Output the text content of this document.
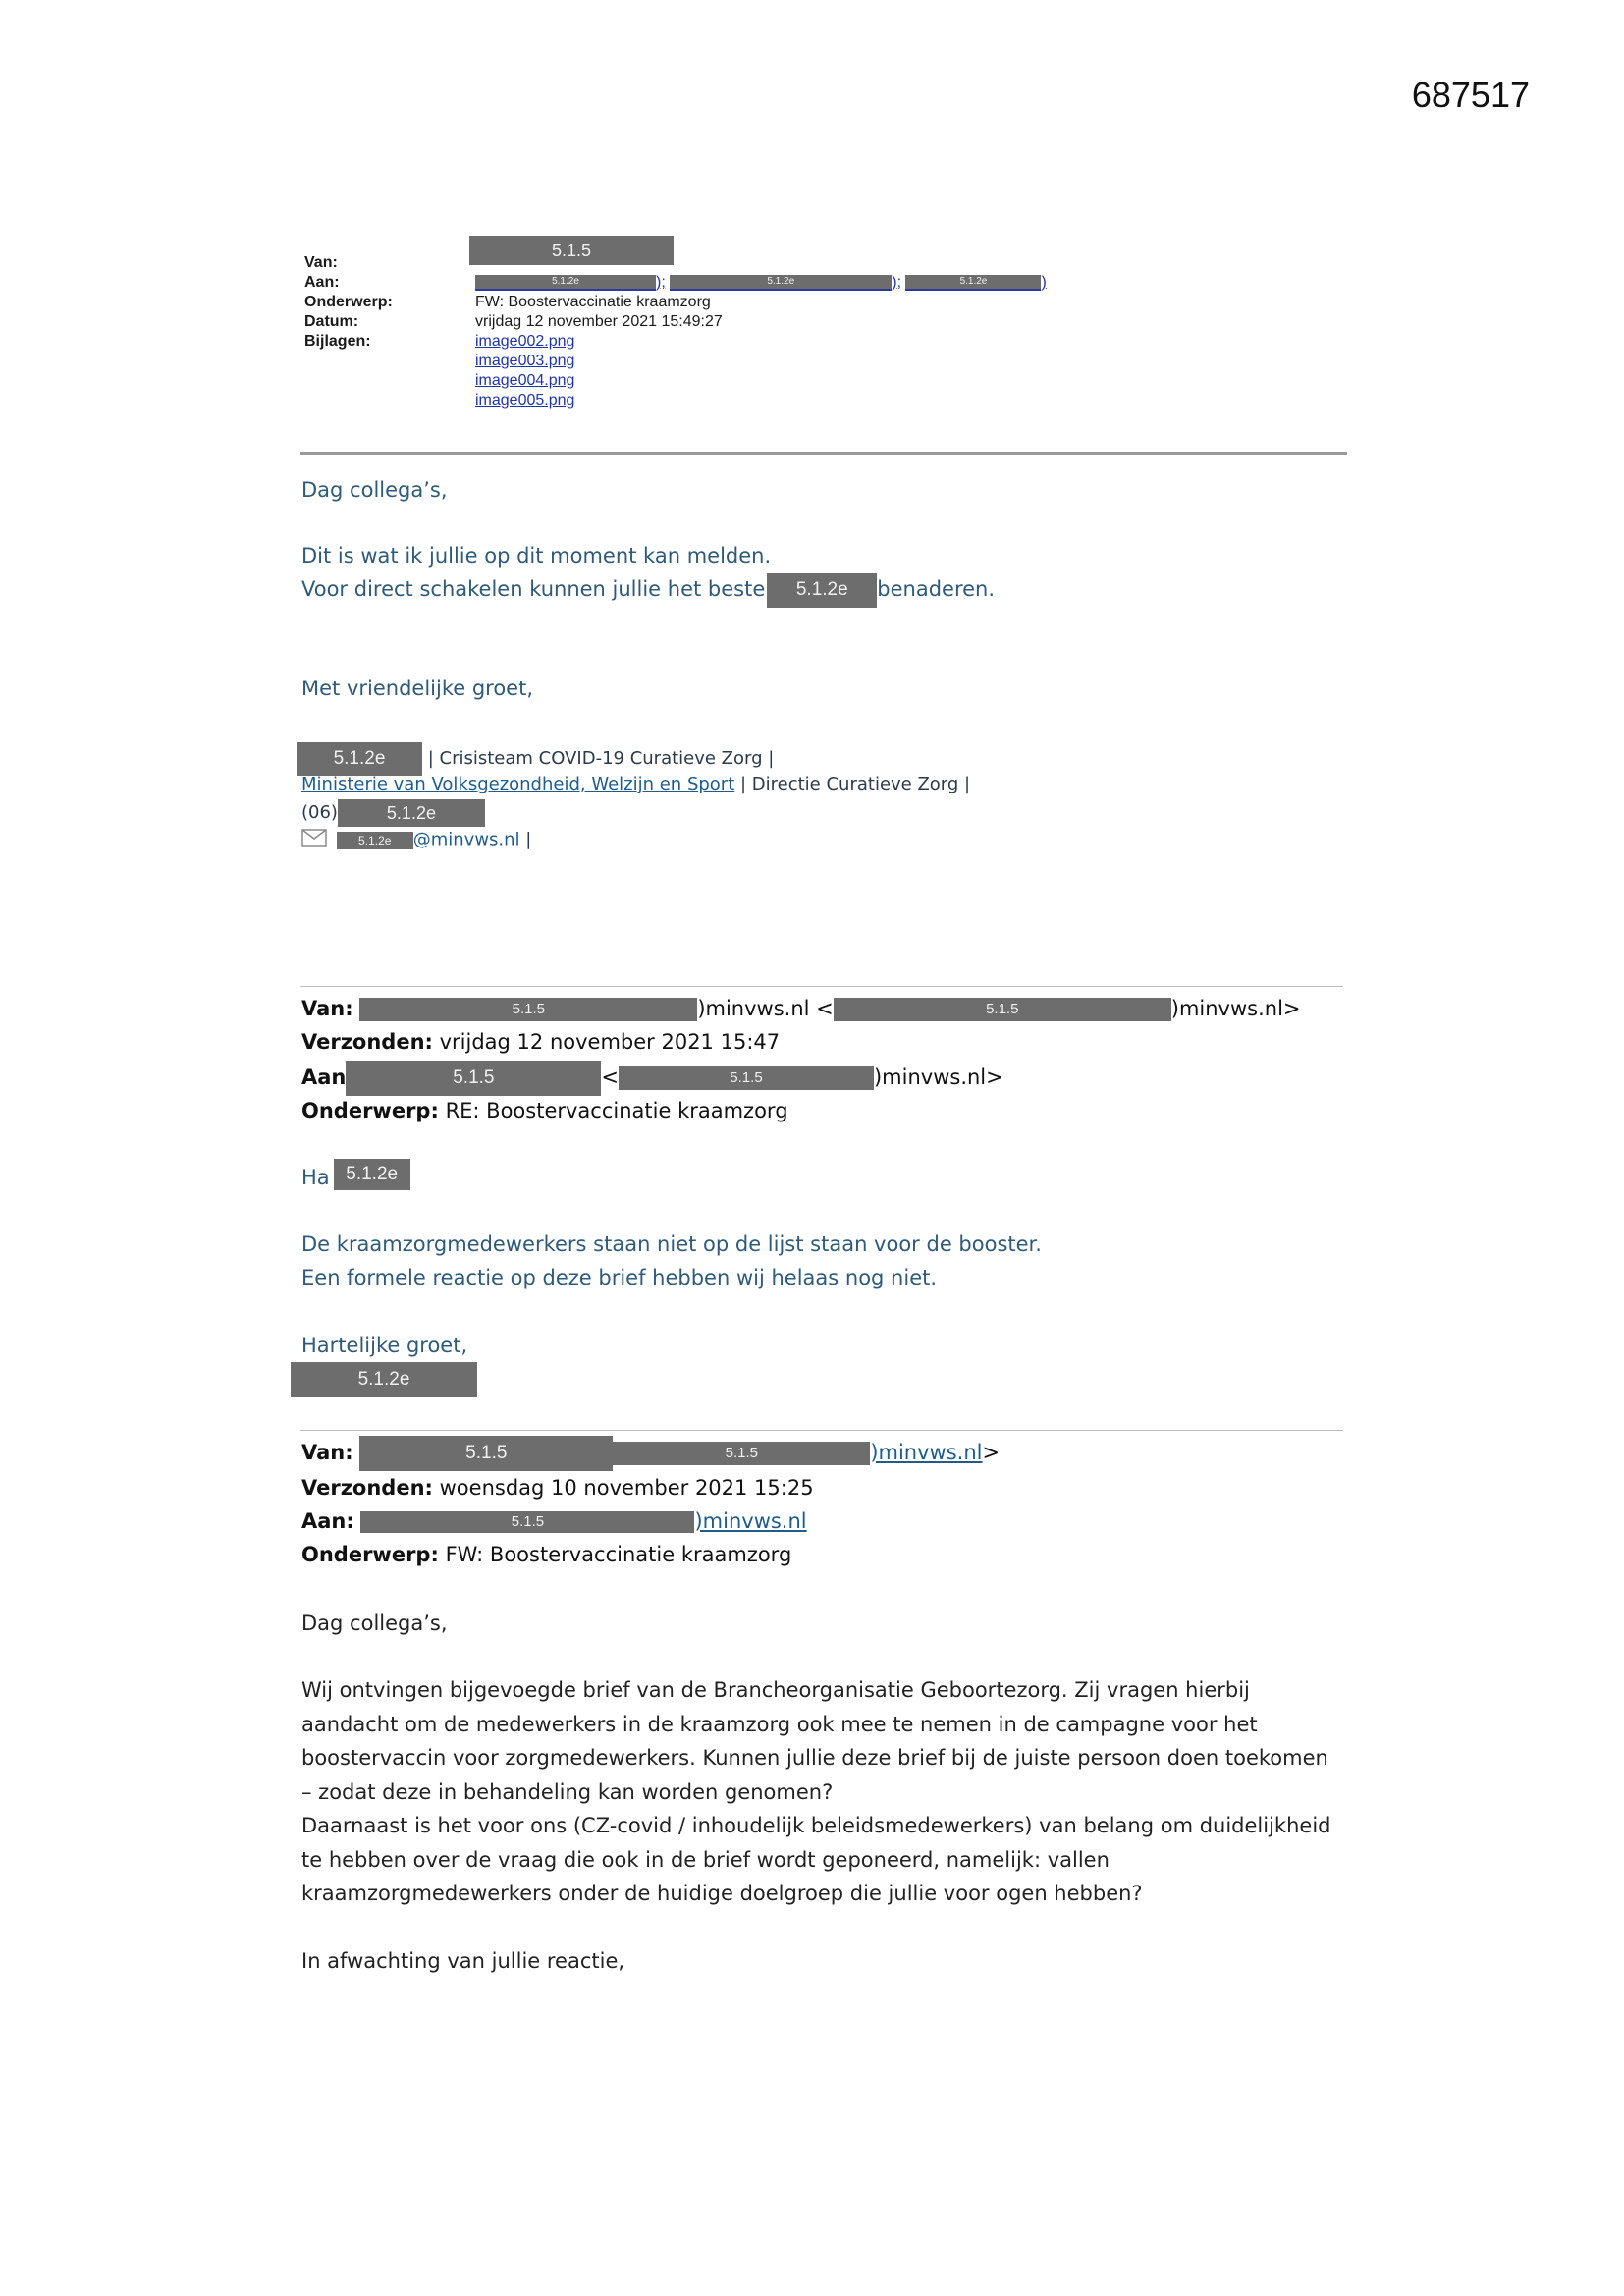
687517
Van:
5.1.5
Aan:	5.1.2e	);	5.1.2e	);	5.1.2e	)
Onderwerp:	FW: Boostervaccinatie kraamzorg
Datum:	vrijdag 12 november 2021 15:49:27
Bijlagen:	image002.png
image003.png
image004.png
image005.png
Dag collega’s,
Dit is wat ik jullie op dit moment kan melden.
Voor direct schakelen kunnen jullie het beste 5.1.2e benaderen.
Met vriendelijke groet,
5.1.2e | Crisisteam COVID-19 Curatieve Zorg |
Ministerie van Volksgezondheid, Welzijn en Sport | Directie Curatieve Zorg |
(06)	5.1.2e
5.1.2e @minvws.nl |
Van:	5.1.5	)minvws.nl <	5.1.5	)minvws.nl>
Verzonden: vrijdag 12 november 2021 15:47
Aan	5.1.5	<	5.1.5	)minvws.nl>
Onderwerp: RE: Boostervaccinatie kraamzorg
Ha 5.1.2e
De kraamzorgmedewerkers staan niet op de lijst staan voor de booster.
Een formele reactie op deze brief hebben wij helaas nog niet.
Hartelijke groet,
5.1.2e
Van:	5.1.5	5.1.5	)minvws.nl>
Verzonden: woensdag 10 november 2021 15:25
Aan:	5.1.5	)minvws.nl
Onderwerp: FW: Boostervaccinatie kraamzorg
Dag collega’s,
Wij ontvingen bijgevoegde brief van de Brancheorganisatie Geboortezorg. Zij vragen hierbij aandacht om de medewerkers in de kraamzorg ook mee te nemen in de campagne voor het boostervaccin voor zorgmedewerkers. Kunnen jullie deze brief bij de juiste persoon doen toekomen – zodat deze in behandeling kan worden genomen?
Daarnaast is het voor ons (CZ-covid / inhoudelijk beleidsmedewerkers) van belang om duidelijkheid te hebben over de vraag die ook in de brief wordt geponeerd, namelijk: vallen kraamzorgmedewerkers onder de huidige doelgroep die jullie voor ogen hebben?
In afwachting van jullie reactie,
